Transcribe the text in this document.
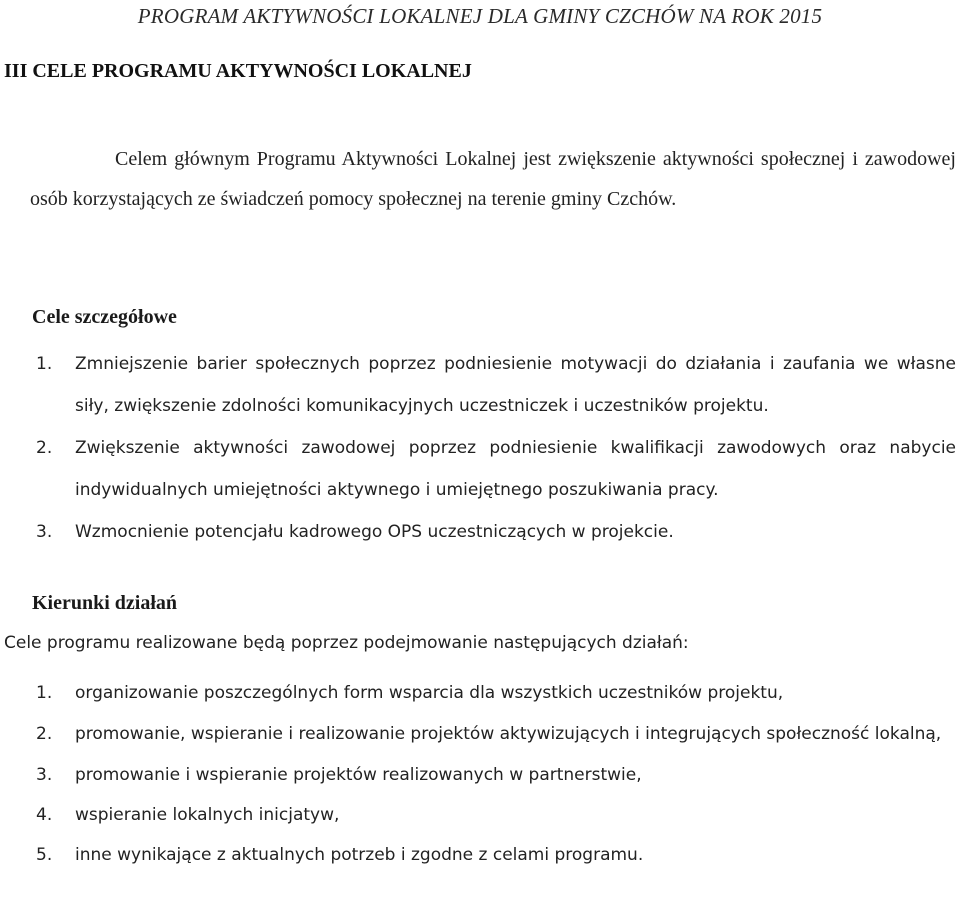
PROGRAM AKTYWNOŚCI LOKALNEJ DLA GMINY CZCHÓW NA ROK 2015
III CELE PROGRAMU AKTYWNOŚCI LOKALNEJ

Celem głównym Programu Aktywności Lokalnej jest zwiększenie aktywności społecznej i zawodowej osób korzystających ze świadczeń pomocy społecznej na terenie gminy Czchów.

Cele szczegółowe
1. Zmniejszenie barier społecznych poprzez podniesienie motywacji do działania i zaufania we własne siły, zwiększenie zdolności komunikacyjnych uczestniczek i uczestników projektu.
2. Zwiększenie aktywności zawodowej poprzez podniesienie kwalifikacji zawodowych oraz nabycie indywidualnych umiejętności aktywnego i umiejętnego poszukiwania pracy.
3. Wzmocnienie potencjału kadrowego OPS uczestniczących w projekcie.
Kierunki działań
Cele programu realizowane będą poprzez podejmowanie następujących działań:
1. organizowanie poszczególnych form wsparcia dla wszystkich uczestników projektu,
2. promowanie, wspieranie i realizowanie projektów aktywizujących i integrujących społeczność lokalną,
3. promowanie i wspieranie projektów realizowanych w partnerstwie,
4. wspieranie lokalnych inicjatyw,
5. inne wynikające z aktualnych potrzeb i zgodne z celami programu.
